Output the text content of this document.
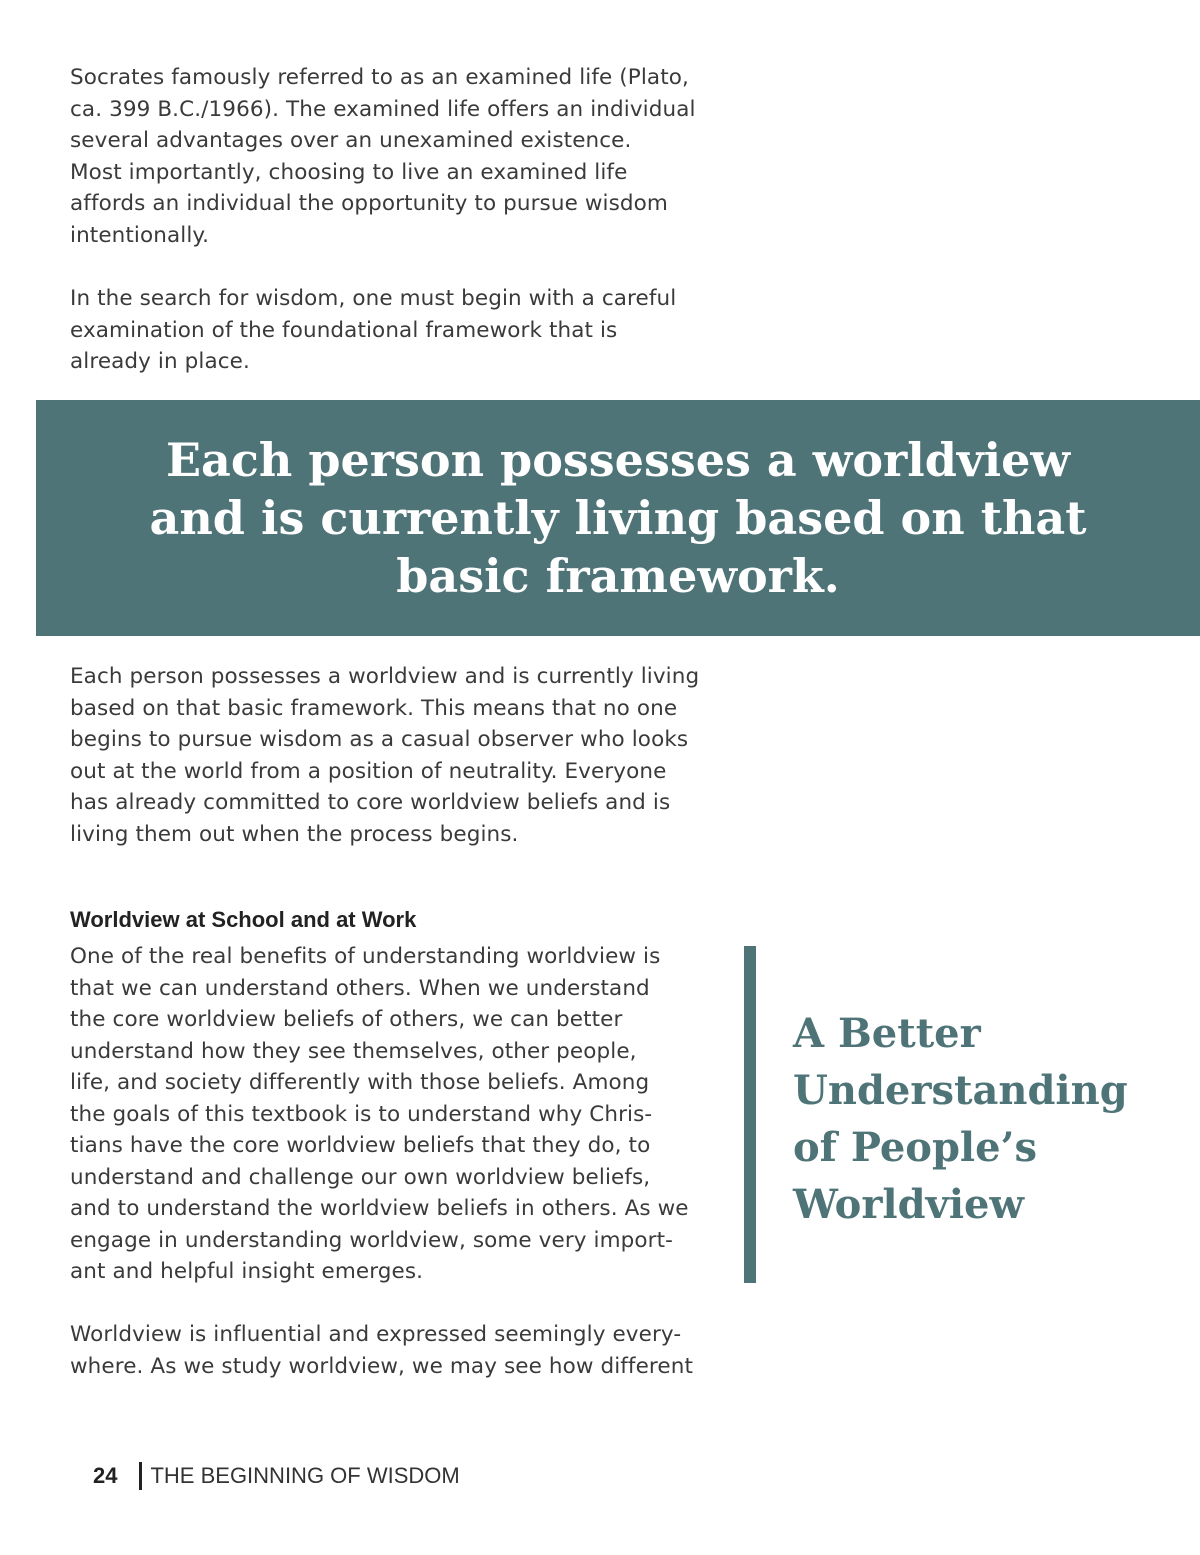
Socrates famously referred to as an examined life (Plato,
ca. 399 B.C./1966). The examined life offers an individual
several advantages over an unexamined existence.
Most importantly, choosing to live an examined life
affords an individual the opportunity to pursue wisdom
intentionally.

In the search for wisdom, one must begin with a careful
examination of the foundational framework that is
already in place.

Each person possesses a worldview
and is currently living based on that
basic framework.

Each person possesses a worldview and is currently living
based on that basic framework. This means that no one
begins to pursue wisdom as a casual observer who looks
out at the world from a position of neutrality. Everyone
has already committed to core worldview beliefs and is
living them out when the process begins.

Worldview at School and at Work

One of the real benefits of understanding worldview is
that we can understand others. When we understand
the core worldview beliefs of others, we can better
understand how they see themselves, other people,
life, and society differently with those beliefs. Among
the goals of this textbook is to understand why Chris-
tians have the core worldview beliefs that they do, to
understand and challenge our own worldview beliefs,
and to understand the worldview beliefs in others. As we
engage in understanding worldview, some very import-
ant and helpful insight emerges.

A Better
Understanding
of People’s
Worldview

Worldview is influential and expressed seemingly every-
where. As we study worldview, we may see how different

24 THE BEGINNING OF WISDOM
